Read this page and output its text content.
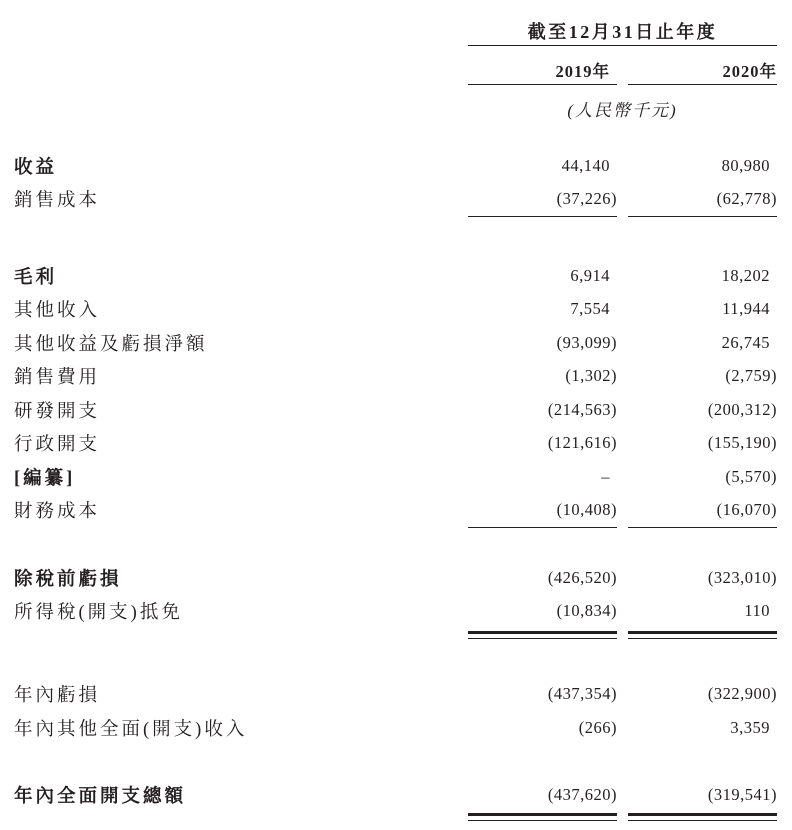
截至12月31日止年度
2019年	2020年
(人民幣千元)
收益	44,140	80,980
銷售成本	(37,226)	(62,778)
毛利	6,914	18,202
其他收入	7,554	11,944
其他收益及虧損淨額	(93,099)	26,745
銷售費用	(1,302)	(2,759)
研發開支	(214,563)	(200,312)
行政開支	(121,616)	(155,190)
[編纂]	–	(5,570)
財務成本	(10,408)	(16,070)
除稅前虧損	(426,520)	(323,010)
所得稅(開支)抵免	(10,834)	110
年內虧損	(437,354)	(322,900)
年內其他全面(開支)收入	(266)	3,359
年內全面開支總額	(437,620)	(319,541)
